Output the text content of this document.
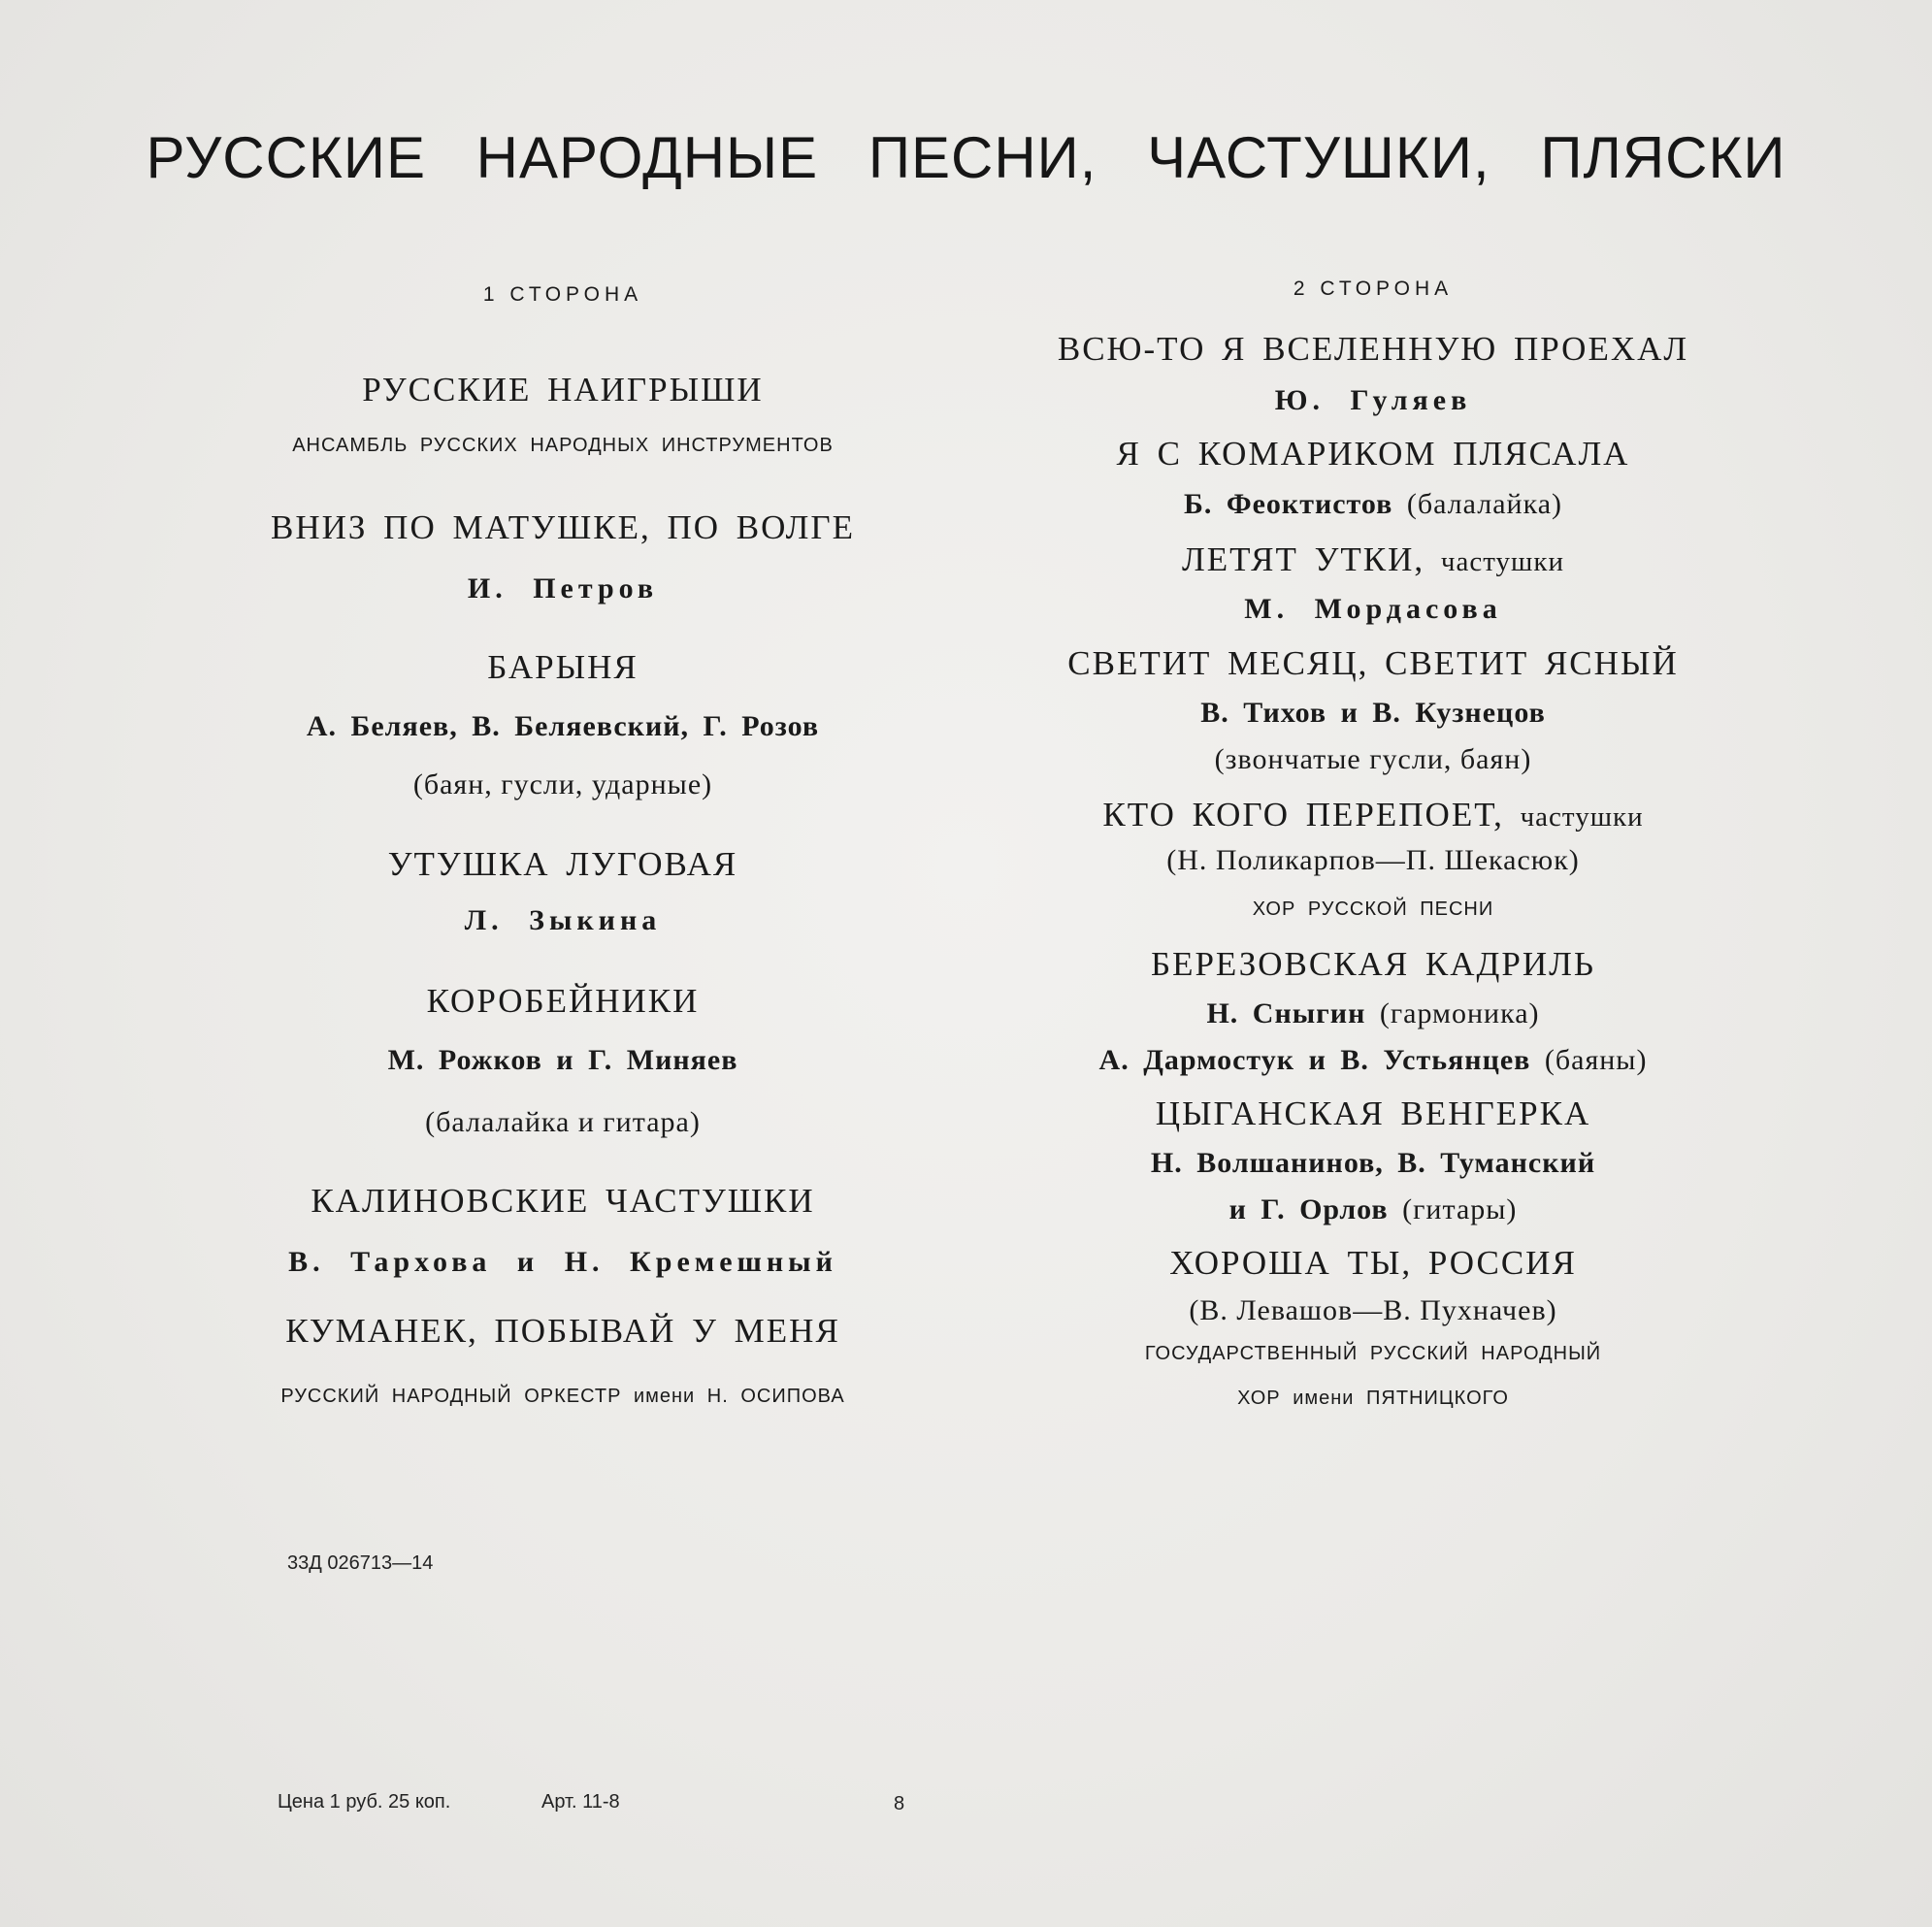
РУССКИЕ НАРОДНЫЕ ПЕСНИ, ЧАСТУШКИ, ПЛЯСКИ
1 СТОРОНА
РУССКИЕ НАИГРЫШИ
АНСАМБЛЬ РУССКИХ НАРОДНЫХ ИНСТРУМЕНТОВ
ВНИЗ ПО МАТУШКЕ, ПО ВОЛГЕ
И. Петров
БАРЫНЯ
А. Беляев, В. Беляевский, Г. Розов
(баян, гусли, ударные)
УТУШКА ЛУГОВАЯ
Л. Зыкина
КОРОБЕЙНИКИ
М. Рожков и Г. Миняев
(балалайка и гитара)
КАЛИНОВСКИЕ ЧАСТУШКИ
В. Тархова и Н. Кремешный
КУМАНЕК, ПОБЫВАЙ У МЕНЯ
РУССКИЙ НАРОДНЫЙ ОРКЕСТР имени Н. ОСИПОВА
2 СТОРОНА
ВСЮ-ТО Я ВСЕЛЕННУЮ ПРОЕХАЛ
Ю. Гуляев
Я С КОМАРИКОМ ПЛЯСАЛА
Б. Феоктистов (балалайка)
ЛЕТЯТ УТКИ, частушки
М. Мордасова
СВЕТИТ МЕСЯЦ, СВЕТИТ ЯСНЫЙ
В. Тихов и В. Кузнецов
(звончатые гусли, баян)
КТО КОГО ПЕРЕПОЕТ, частушки
(Н. Поликарпов—П. Шекасюк)
ХОР РУССКОЙ ПЕСНИ
БЕРЕЗОВСКАЯ КАДРИЛЬ
Н. Сныгин (гармоника)
А. Дармостук и В. Устьянцев (баяны)
ЦЫГАНСКАЯ ВЕНГЕРКА
Н. Волшанинов, В. Туманский
и Г. Орлов (гитары)
ХОРОША ТЫ, РОССИЯ
(В. Левашов—В. Пухначев)
ГОСУДАРСТВЕННЫЙ РУССКИЙ НАРОДНЫЙ
ХОР имени ПЯТНИЦКОГО
33Д 026713—14
Цена 1 руб. 25 коп.	Арт. 11-8	8
